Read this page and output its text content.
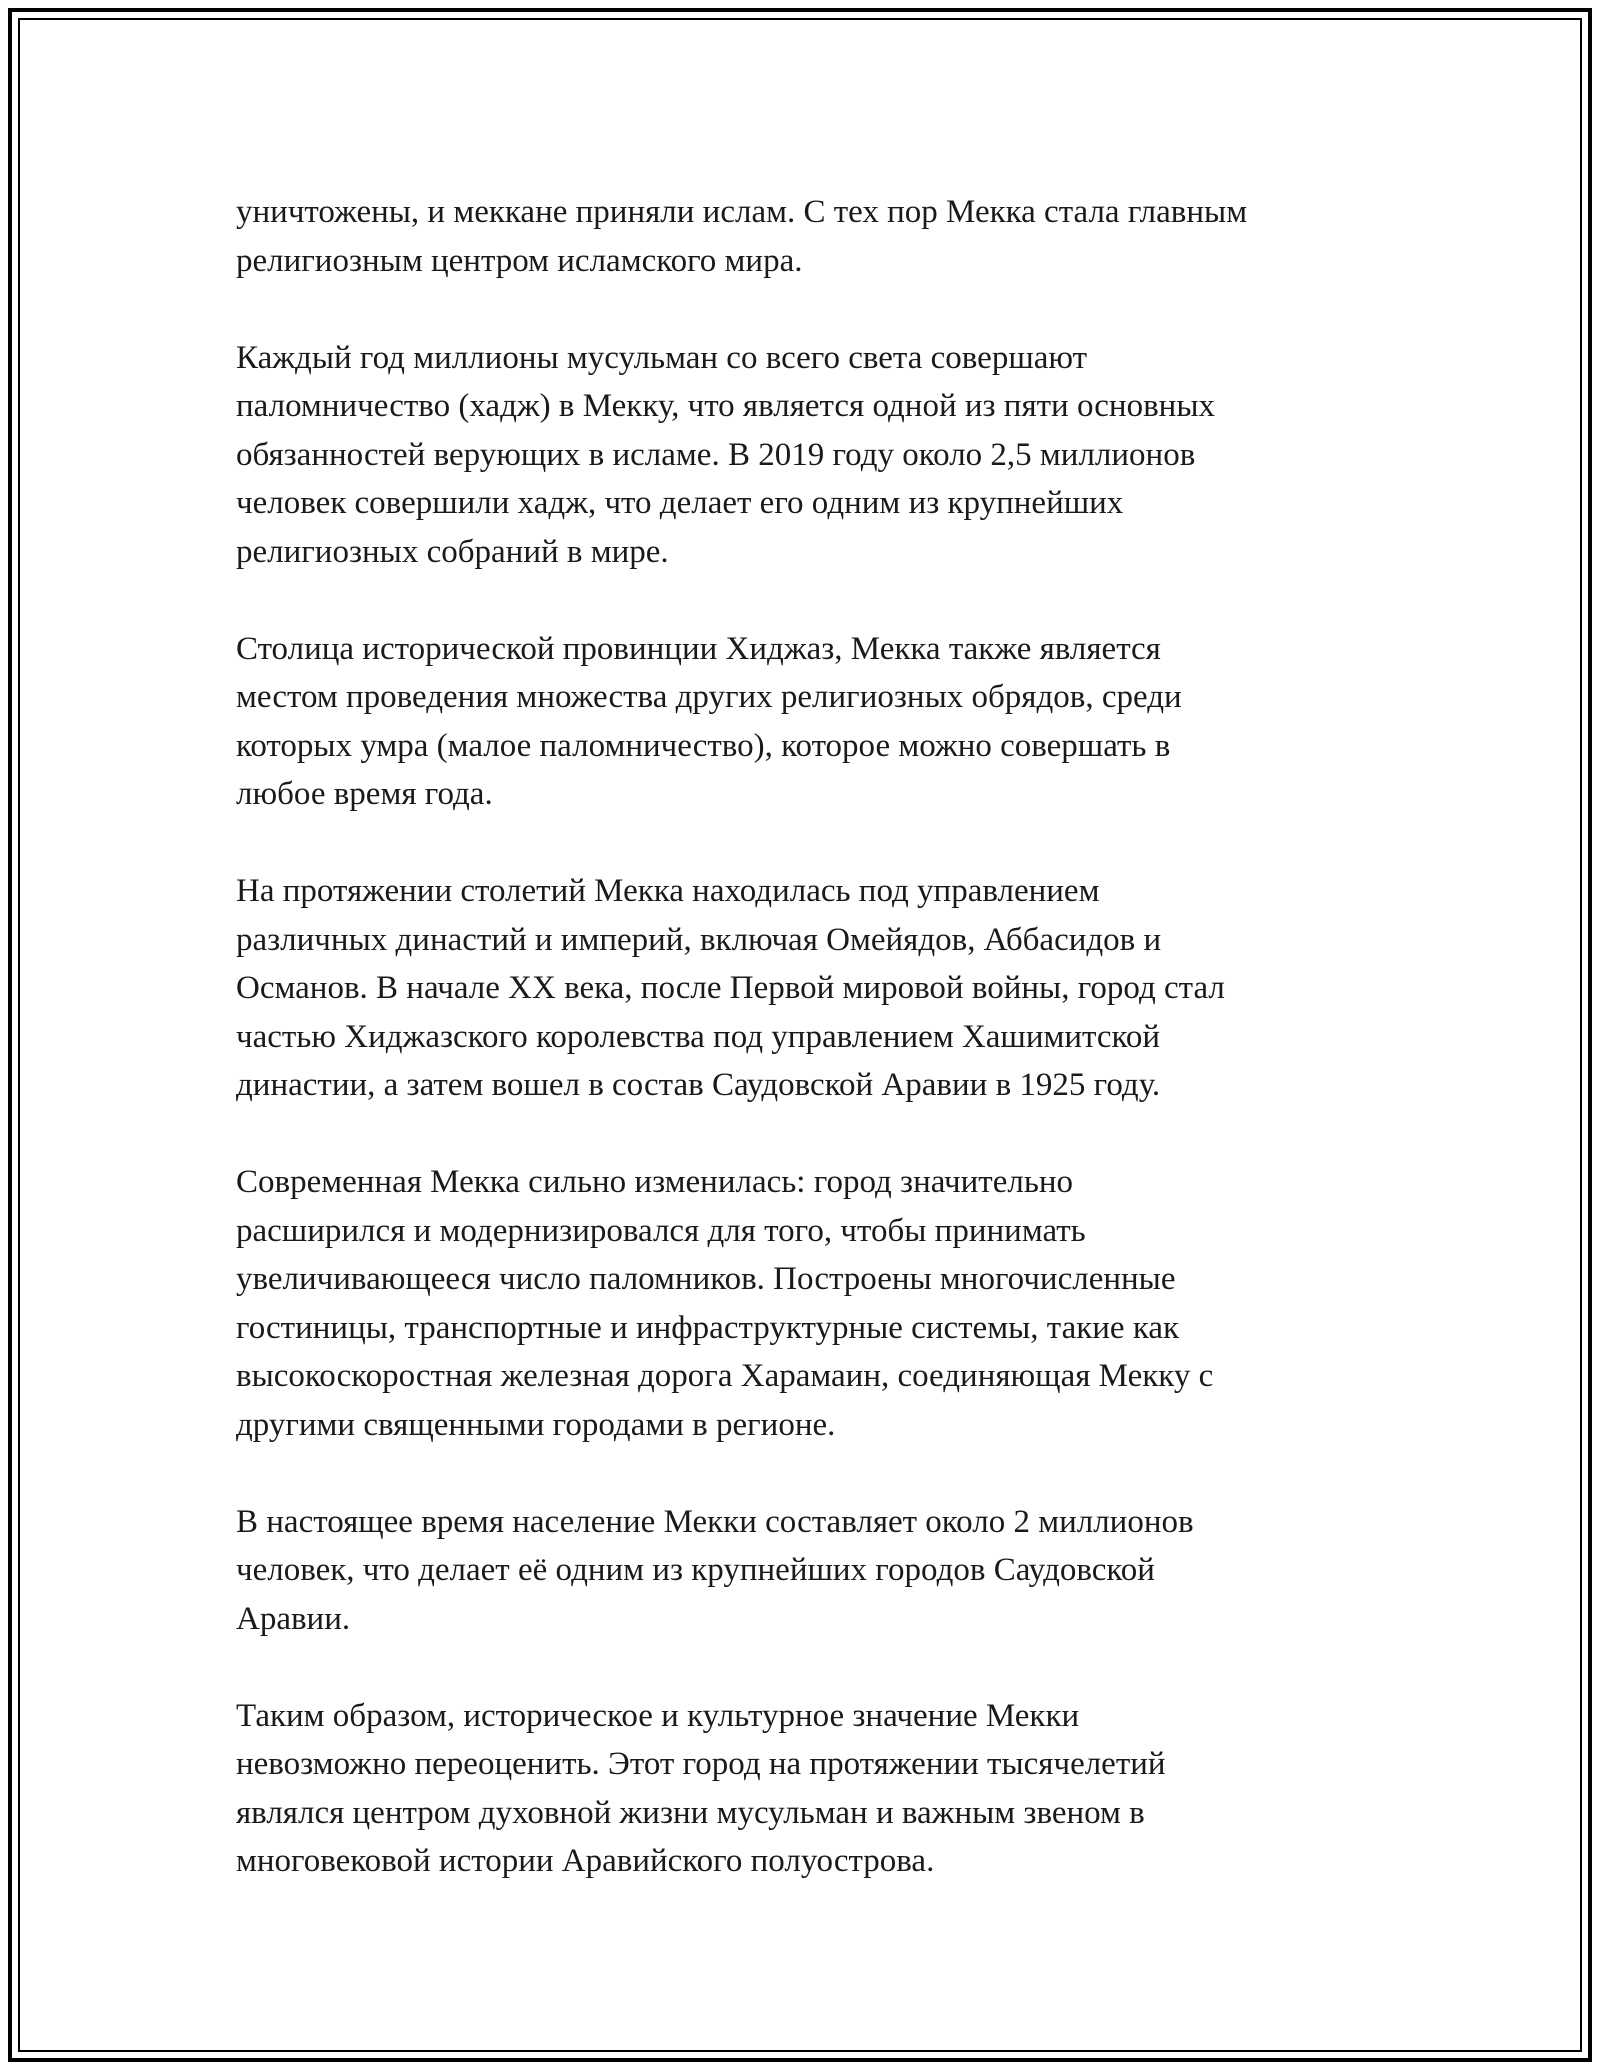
уничтожены, и меккане приняли ислам. С тех пор Мекка стала главным
религиозным центром исламского мира.

Каждый год миллионы мусульман со всего света совершают
паломничество (хадж) в Мекку, что является одной из пяти основных
обязанностей верующих в исламе. В 2019 году около 2,5 миллионов
человек совершили хадж, что делает его одним из крупнейших
религиозных собраний в мире.

Столица исторической провинции Хиджаз, Мекка также является
местом проведения множества других религиозных обрядов, среди
которых умра (малое паломничество), которое можно совершать в
любое время года.

На протяжении столетий Мекка находилась под управлением
различных династий и империй, включая Омейядов, Аббасидов и
Османов. В начале XX века, после Первой мировой войны, город стал
частью Хиджазского королевства под управлением Хашимитской
династии, а затем вошел в состав Саудовской Аравии в 1925 году.

Современная Мекка сильно изменилась: город значительно
расширился и модернизировался для того, чтобы принимать
увеличивающееся число паломников. Построены многочисленные
гостиницы, транспортные и инфраструктурные системы, такие как
высокоскоростная железная дорога Харамаин, соединяющая Мекку с
другими священными городами в регионе.

В настоящее время население Мекки составляет около 2 миллионов
человек, что делает её одним из крупнейших городов Саудовской
Аравии.

Таким образом, историческое и культурное значение Мекки
невозможно переоценить. Этот город на протяжении тысячелетий
являлся центром духовной жизни мусульман и важным звеном в
многовековой истории Аравийского полуострова.
